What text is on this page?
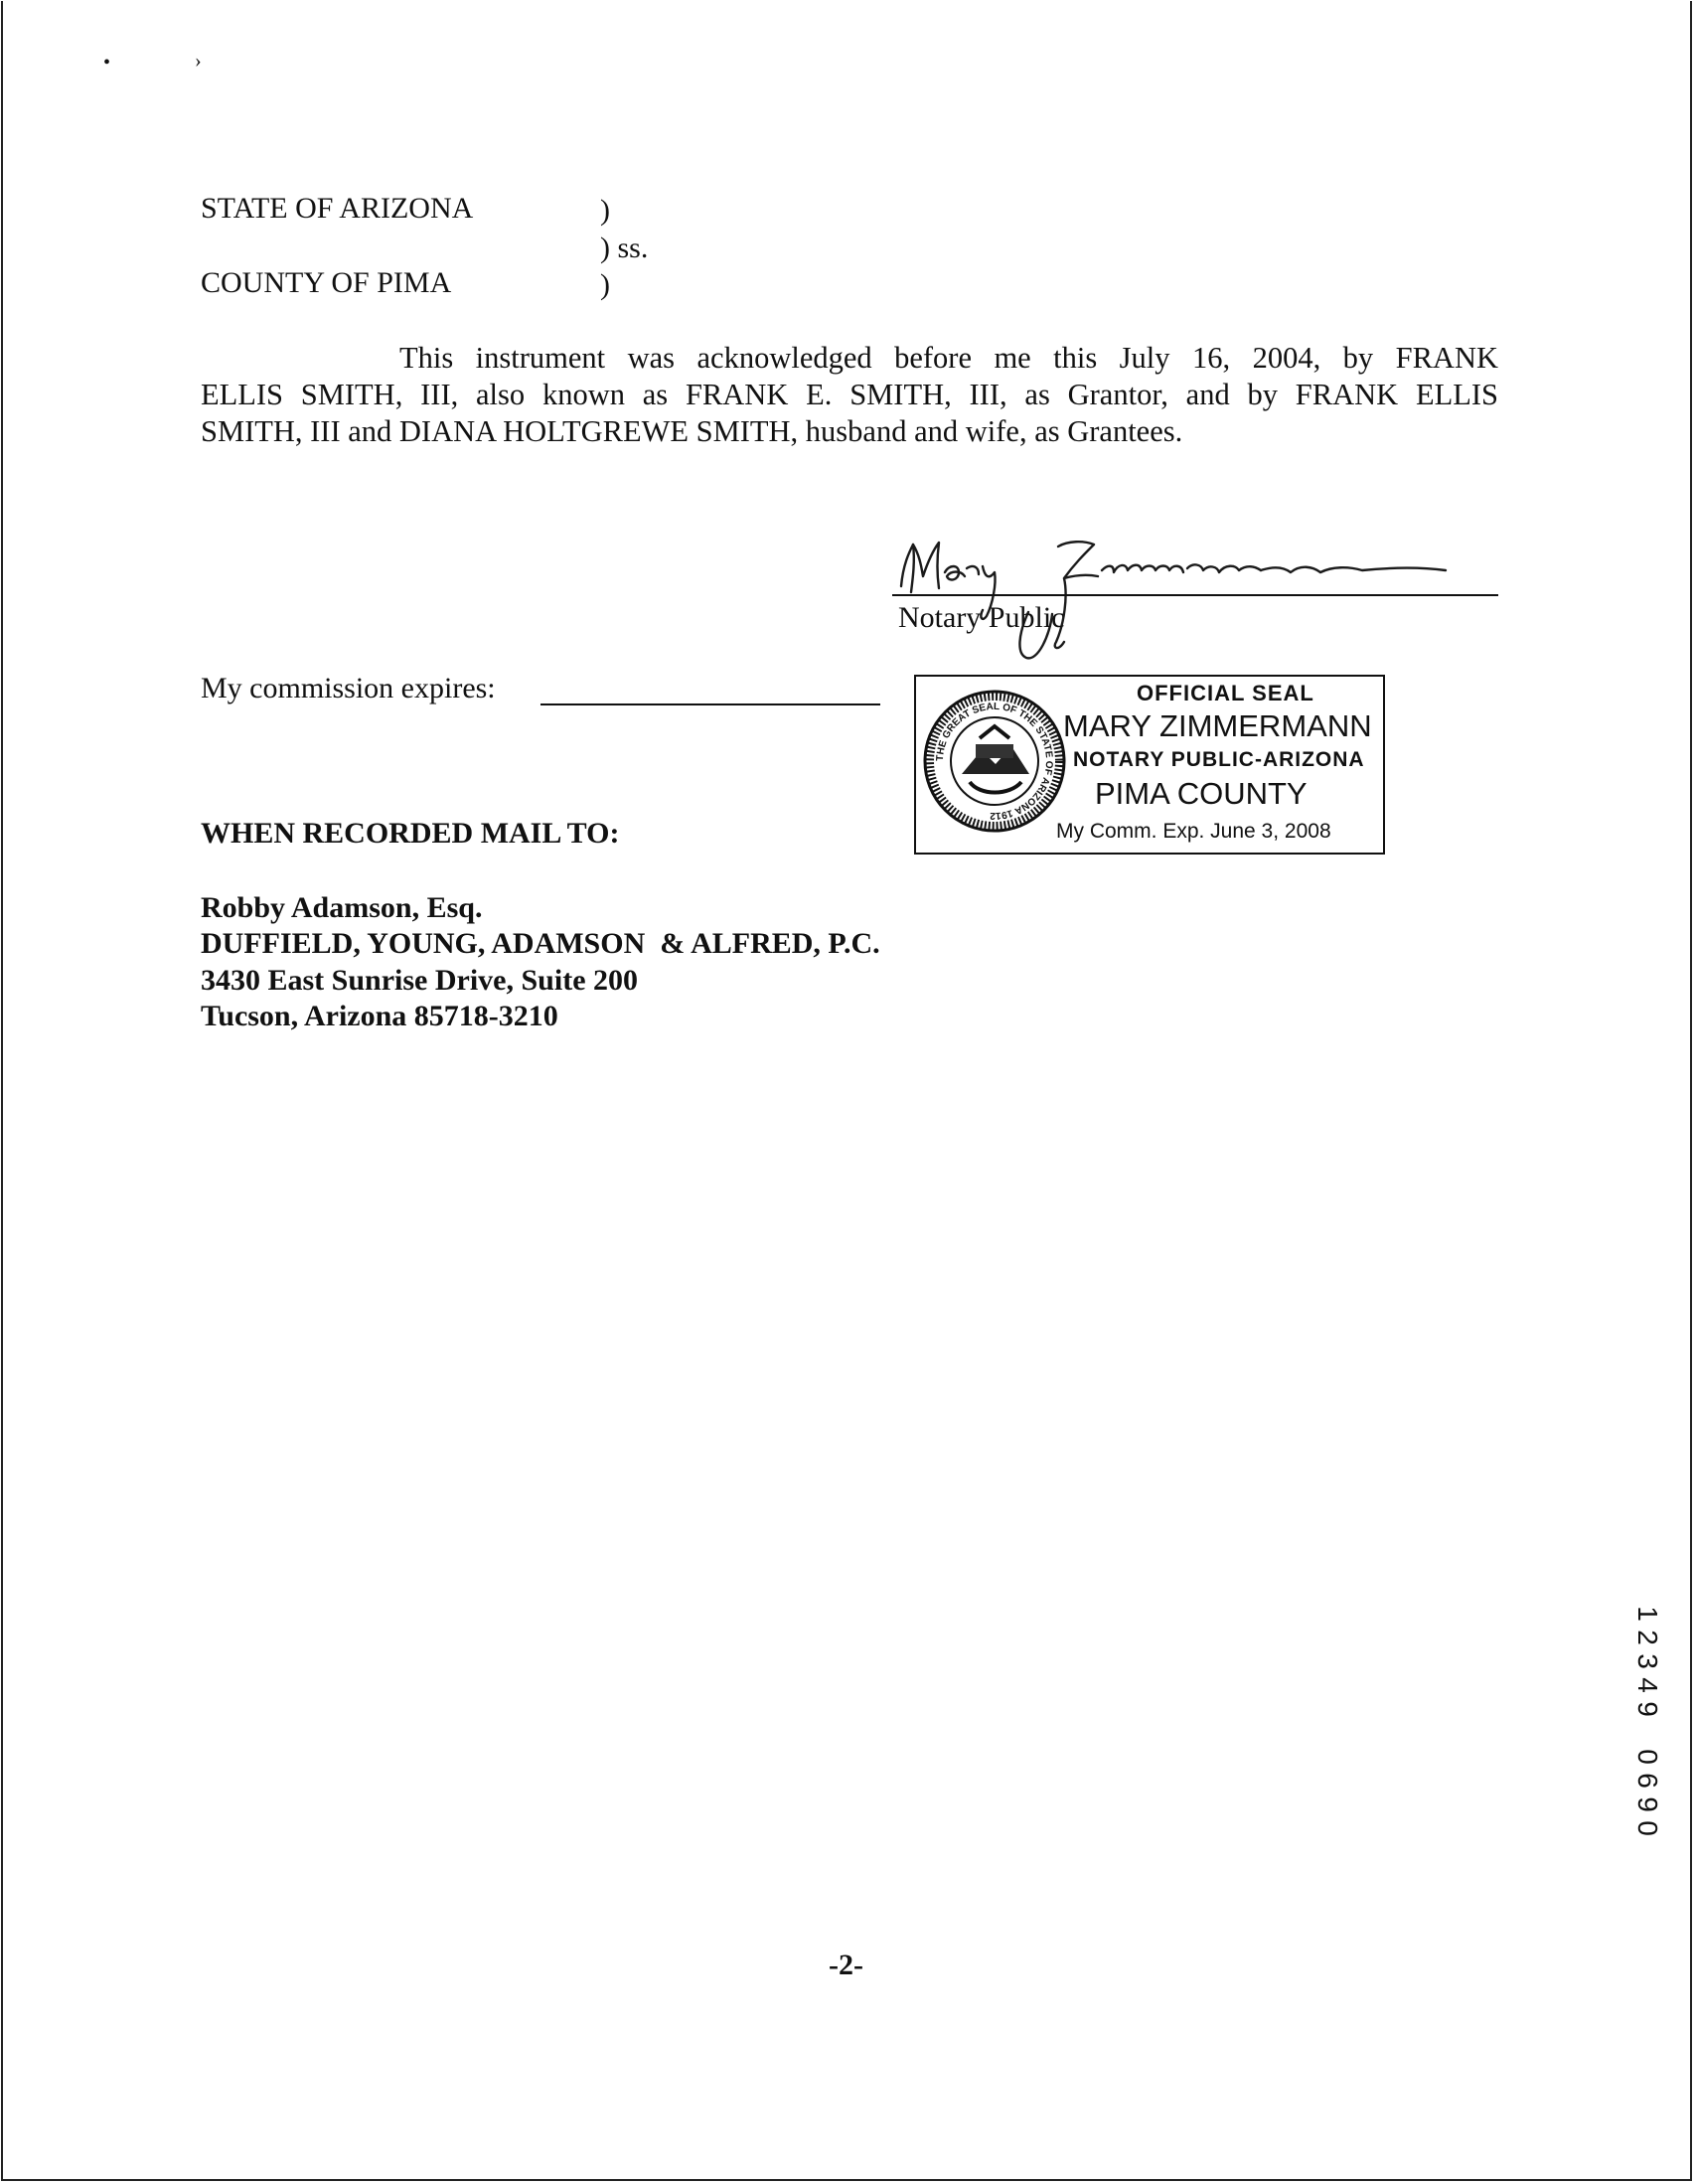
•	›
STATE OF ARIZONA	)
) ss.
COUNTY OF PIMA	)
This instrument was acknowledged before me this July 16, 2004, by FRANK
ELLIS SMITH, III, also known as FRANK E. SMITH, III, as Grantor, and by FRANK ELLIS
SMITH, III and DIANA HOLTGREWE SMITH, husband and wife, as Grantees.
Notary Public
My commission expires:
THE GREAT SEAL OF THE STATE OF ARIZONA 1912
OFFICIAL SEAL
MARY ZIMMERMANN
NOTARY PUBLIC-ARIZONA
PIMA COUNTY
My Comm. Exp. June 3, 2008
WHEN RECORDED MAIL TO:
Robby Adamson, Esq.
DUFFIELD, YOUNG, ADAMSON  & ALFRED, P.C.
3430 East Sunrise Drive, Suite 200
Tucson, Arizona 85718-3210
-2-
1
2
3
4
9

0
6
9
0
